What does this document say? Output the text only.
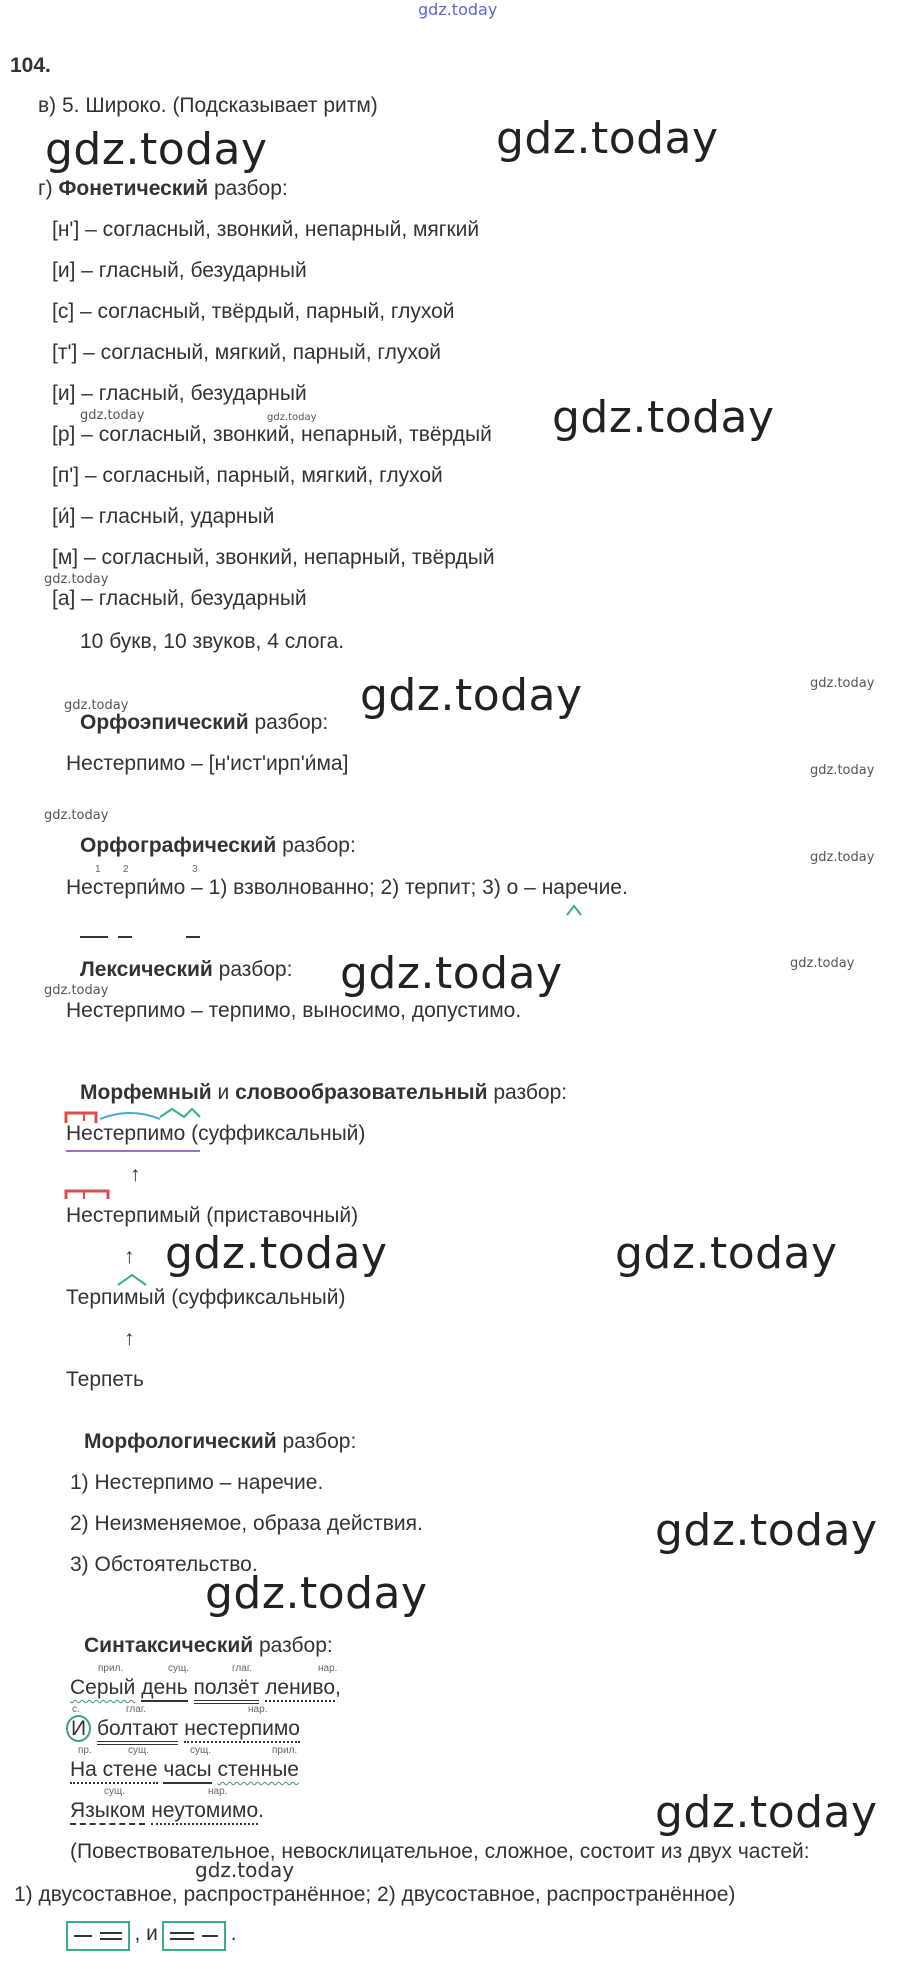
gdz.today
gdz.today	gdz.today
gdz.today
gdz.today	gdz.today
gdz.today
gdz.today
gdz.today
gdz.today
gdz.today
gdz.today
gdz.today
gdz.today	gdz.today
gdz.today
gdz.today	gdz.today
gdz.today
gdz.today
gdz.today
gdz.today
104.
в) 5. Широко. (Подсказывает ритм)
г) Фонетический разбор:
[н'] – согласный, звонкий, непарный, мягкий
[и] – гласный, безударный
[с] – согласный, твёрдый, парный, глухой
[т'] – согласный, мягкий, парный, глухой
[и] – гласный, безударный
[р] – согласный, звонкий, непарный, твёрдый
[п'] – согласный, парный, мягкий, глухой
[и́] – гласный, ударный
[м] – согласный, звонкий, непарный, твёрдый
[а] – гласный, безударный
10 букв, 10 звуков, 4 слога.
Орфоэпический разбор:
Нестерпимо – [н'ист'ирп'и́ма]
Орфографический разбор:
1 2	3
Нестерпи́мо – 1) взволнованно; 2) терпит; 3) о – наречие.
Лексический разбор:
Нестерпимо – терпимо, выносимо, допустимо.
Морфемный и словообразовательный разбор:
Нестерпимо (суффиксальный)
↑
Нестерпимый (приставочный)
↑
Терпимый (суффиксальный)
↑
Терпеть
Морфологический разбор:
1) Нестерпимо – наречие.
2) Неизменяемое, образа действия.
3) Обстоятельство.
Синтаксический разбор:
прил.	сущ.	глаг.	нар.
Серый день ползёт лениво,
с.	глаг.	нар.
И болтают нестерпимо
пр.	сущ.	сущ.	прил.
На стене часы стенные
сущ.	нар.
Языком неутомимо.
(Повествовательное, невосклицательное, сложное, состоит из двух частей:
1) двусоставное, распространённое; 2) двусоставное, распространённое)
, и	.
